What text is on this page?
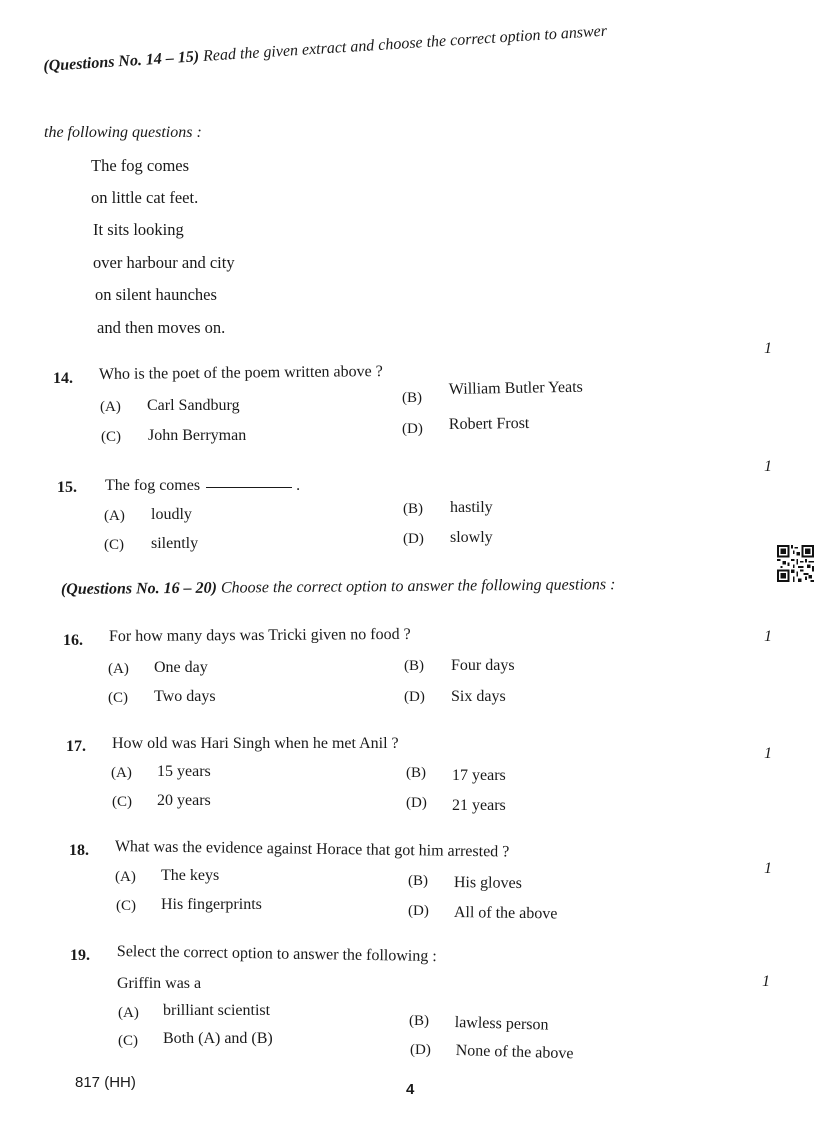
(Questions No. 14 – 15) Read the given extract and choose the correct option to answer
the following questions :
The fog comes
on little cat feet.
It sits looking
over harbour and city
on silent haunches
and then moves on.
1
14. Who is the poet of the poem written above ?
(A) Carl Sandburg	(B) William Butler Yeats
(C) John Berryman	(D) Robert Frost
1
15. The fog comes	.
(A) loudly	(B) hastily
(C) silently	(D) slowly
(Questions No. 16 – 20) Choose the correct option to answer the following questions :
1
16. For how many days was Tricki given no food ?
(A) One day	(B) Four days
(C) Two days	(D) Six days
1
17. How old was Hari Singh when he met Anil ?
(A) 15 years	(B) 17 years
(C) 20 years	(D) 21 years
1
18. What was the evidence against Horace that got him arrested ?
(A) The keys	(B) His gloves
(C) His fingerprints	(D) All of the above
1
19. Select the correct option to answer the following :
Griffin was a
(A) brilliant scientist
(B) lawless person
(C) Both (A) and (B)
(D) None of the above
817 (HH)	4
